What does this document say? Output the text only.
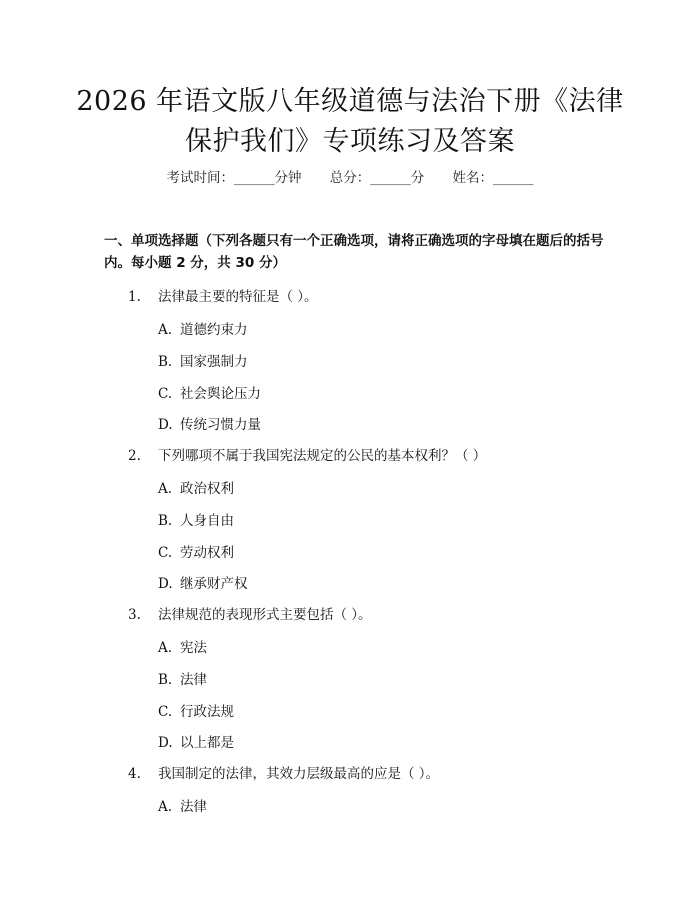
2026 年语文版八年级道德与法治下册《法律
保护我们》专项练习及答案
考试时间：______分钟 总分：______分 姓名：______
一、单项选择题（下列各题只有一个正确选项，请将正确选项的字母填在题后的括号内。每小题 2 分，共 30 分）
1. 法律最主要的特征是（ ）。
A. 道德约束力
B. 国家强制力
C. 社会舆论压力
D. 传统习惯力量
2. 下列哪项不属于我国宪法规定的公民的基本权利？（ ）
A. 政治权利
B. 人身自由
C. 劳动权利
D. 继承财产权
3. 法律规范的表现形式主要包括（ ）。
A. 宪法
B. 法律
C. 行政法规
D. 以上都是
4. 我国制定的法律，其效力层级最高的应是（ ）。
A. 法律
